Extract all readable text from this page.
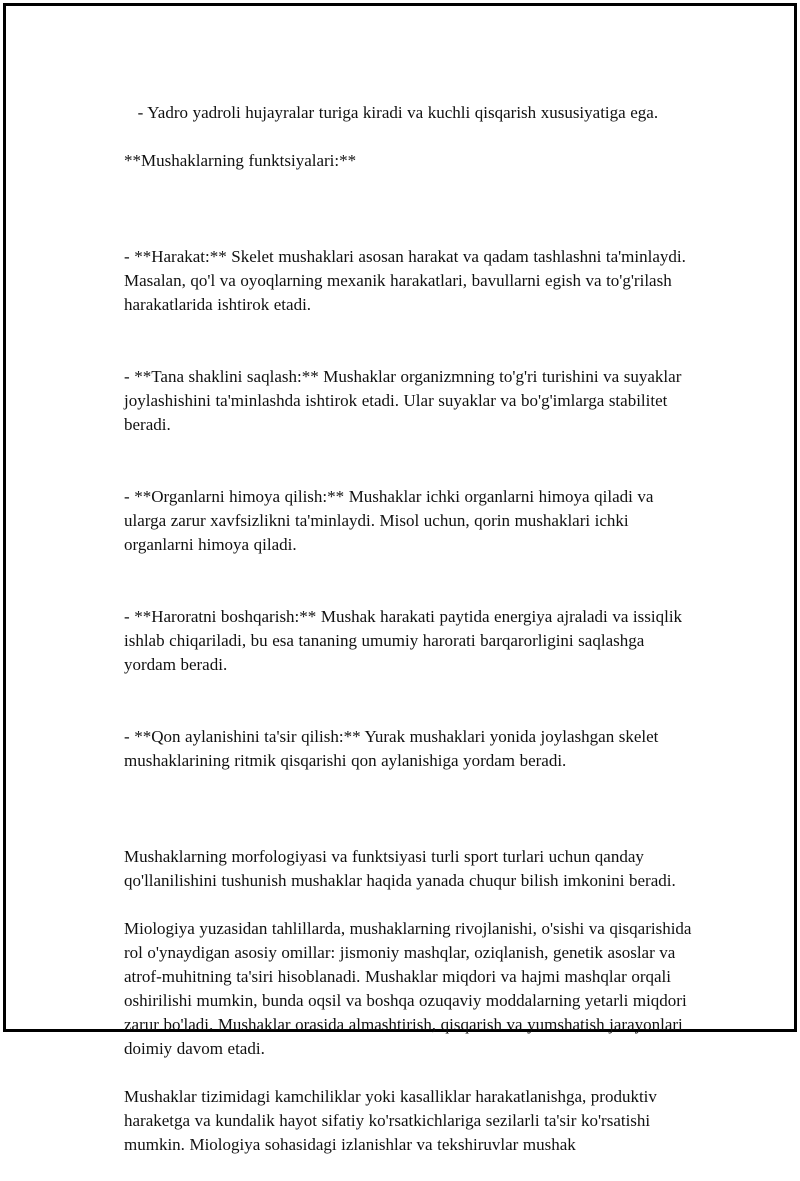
- Yadro yadroli hujayralar turiga kiradi va kuchli qisqarish xususiyatiga ega.

**Mushaklarning funktsiyalari:**

- **Harakat:** Skelet mushaklari asosan harakat va qadam tashlashni ta'minlaydi. Masalan, qo'l va oyoqlarning mexanik harakatlari, bavullarni egish va to'g'rilash harakatlarida ishtirok etadi.

- **Tana shaklini saqlash:** Mushaklar organizmning to'g'ri turishini va suyaklar joylashishini ta'minlashda ishtirok etadi. Ular suyaklar va bo'g'imlarga stabilitet beradi.

- **Organlarni himoya qilish:** Mushaklar ichki organlarni himoya qiladi va ularga zarur xavfsizlikni ta'minlaydi. Misol uchun, qorin mushaklari ichki organlarni himoya qiladi.

- **Haroratni boshqarish:** Mushak harakati paytida energiya ajraladi va issiqlik ishlab chiqariladi, bu esa tananing umumiy harorati barqarorligini saqlashga yordam beradi.

- **Qon aylanishini ta'sir qilish:** Yurak mushaklari yonida joylashgan skelet mushaklarining ritmik qisqarishi qon aylanishiga yordam beradi.

Mushaklarning morfologiyasi va funktsiyasi turli sport turlari uchun qanday qo'llanilishini tushunish mushaklar haqida yanada chuqur bilish imkonini beradi.

Miologiya yuzasidan tahlillarda, mushaklarning rivojlanishi, o'sishi va qisqarishida rol o'ynaydigan asosiy omillar: jismoniy mashqlar, oziqlanish, genetik asoslar va atrof-muhitning ta'siri hisoblanadi. Mushaklar miqdori va hajmi mashqlar orqali oshirilishi mumkin, bunda oqsil va boshqa ozuqaviy moddalarning yetarli miqdori zarur bo'ladi. Mushaklar orasida almashtirish, qisqarish va yumshatish jarayonlari doimiy davom etadi.

Mushaklar tizimidagi kamchiliklar yoki kasalliklar harakatlanishga, produktiv haraketga va kundalik hayot sifatiy ko'rsatkichlariga sezilarli ta'sir ko'rsatishi mumkin. Miologiya sohasidagi izlanishlar va tekshiruvlar mushak
